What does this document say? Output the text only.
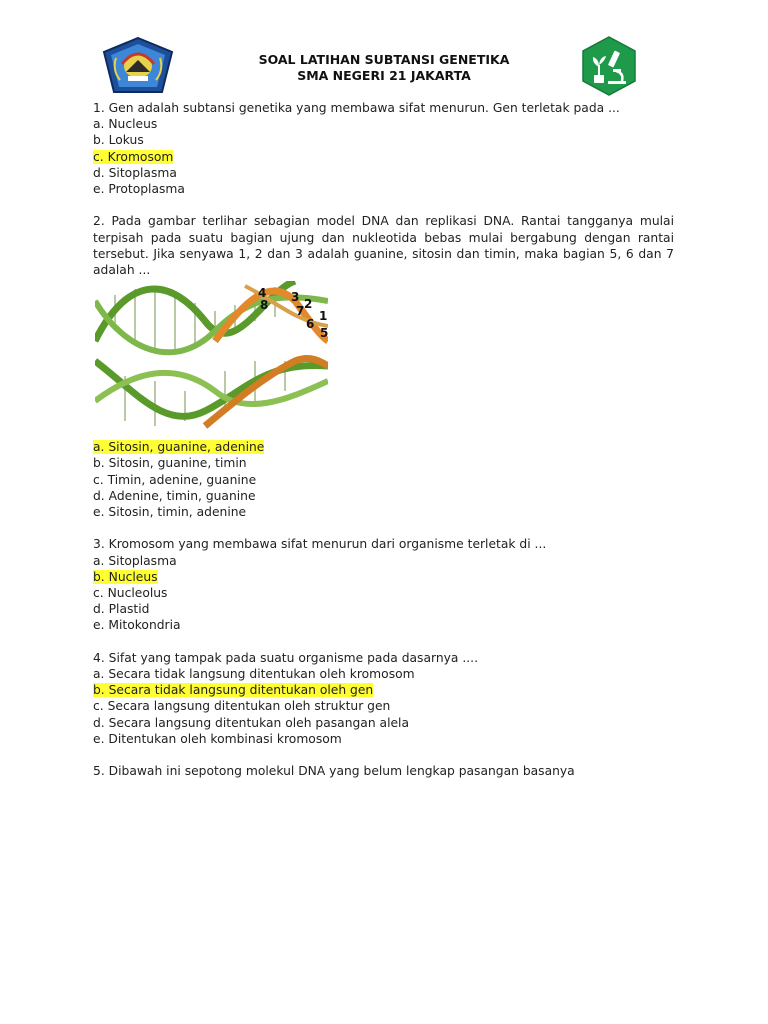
SOAL LATIHAN SUBTANSI GENETIKA
SMA NEGERI 21 JAKARTA
1. Gen adalah subtansi genetika yang membawa sifat menurun. Gen terletak pada ...
a. Nucleus
b. Lokus
c. Kromosom
d. Sitoplasma
e. Protoplasma
2. Pada gambar terlihar sebagian model DNA dan replikasi DNA. Rantai tangganya mulai terpisah pada suatu bagian ujung dan nukleotida bebas mulai bergabung dengan rantai tersebut. Jika senyawa 1, 2 dan 3 adalah guanine, sitosin dan timin, maka bagian 5, 6 dan 7 adalah ...
4
8
3 2
7 1
6
5
a. Sitosin, guanine, adenine
b. Sitosin, guanine, timin
c. Timin, adenine, guanine
d. Adenine, timin, guanine
e. Sitosin, timin, adenine
3. Kromosom yang membawa sifat menurun dari organisme terletak di ...
a. Sitoplasma
b. Nucleus
c. Nucleolus
d. Plastid
e. Mitokondria
4. Sifat yang tampak pada suatu organisme pada dasarnya ....
a. Secara tidak langsung ditentukan oleh kromosom
b. Secara tidak langsung ditentukan oleh gen
c. Secara langsung ditentukan oleh struktur gen
d. Secara langsung ditentukan oleh pasangan alela
e. Ditentukan oleh kombinasi kromosom
5. Dibawah ini sepotong molekul DNA yang belum lengkap pasangan basanya
